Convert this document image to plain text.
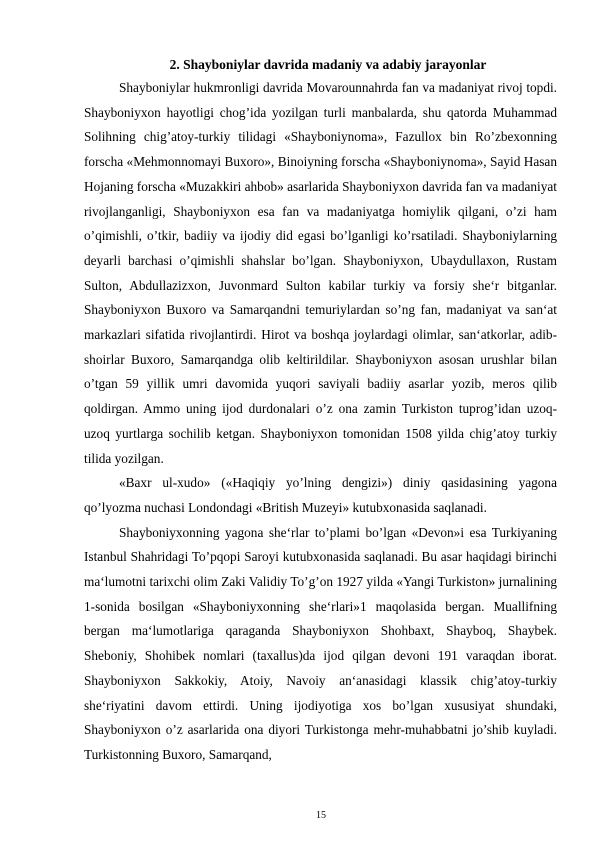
2. Shayboniylar davrida madaniy va adabiy jarayonlar

Shayboniylar hukmronligi davrida Movarounnahrda fan va madaniyat rivoj topdi. Shayboniyxon hayotligi chog’ida yozilgan turli manbalarda, shu qatorda Muhammad Solihning chig’atoy-turkiy tilidagi «Shayboniynoma», Fazullox bin Ro’zbexonning forscha «Mehmonnomayi Buxoro», Binoiyning forscha «Shayboniynoma», Sayid Hasan Hojaning forscha «Muzakkiri ahbob» asarlarida Shayboniyxon davrida fan va madaniyat rivojlanganligi, Shayboniyxon esa fan va madaniyatga homiylik qilgani, o’zi ham o’qimishli, o’tkir, badiiy va ijodiy did egasi bo’lganligi ko’rsatiladi. Shayboniylarning deyarli barchasi o’qimishli shahslar bo’lgan. Shayboniyxon, Ubaydullaxon, Rustam Sulton, Abdullazizxon, Juvonmard Sulton kabilar turkiy va forsiy she‘r bitganlar. Shayboniyxon Buxoro va Samarqandni temuriylardan so’ng fan, madaniyat va san‘at markazlari sifatida rivojlantirdi. Hirot va boshqa joylardagi olimlar, san‘atkorlar, adib-shoirlar Buxoro, Samarqandga olib keltirildilar. Shayboniyxon asosan urushlar bilan o’tgan 59 yillik umri davomida yuqori saviyali badiiy asarlar yozib, meros qilib qoldirgan. Ammo uning ijod durdonalari o’z ona zamin Turkiston tuprog’idan uzoq-uzoq yurtlarga sochilib ketgan. Shayboniyxon tomonidan 1508 yilda chig’atoy turkiy tilida yozilgan.

«Baxr ul-xudo» («Haqiqiy yo’lning dengizi») diniy qasidasining yagona qo’lyozma nuchasi Londondagi «British Muzeyi» kutubxonasida saqlanadi.

Shayboniyxonning yagona she‘rlar to’plami bo’lgan «Devon»i esa Turkiyaning Istanbul Shahridagi To’pqopi Saroyi kutubxonasida saqlanadi. Bu asar haqidagi birinchi ma‘lumotni tarixchi olim Zaki Validiy To’g’on 1927 yilda «Yangi Turkiston» jurnalining 1-sonida bosilgan «Shayboniyxonning she‘rlari»1 maqolasida bergan. Muallifning bergan ma‘lumotlariga qaraganda Shayboniyxon Shohbaxt, Shayboq, Shaybek. Sheboniy, Shohibek nomlari (taxallus)da ijod qilgan devoni 191 varaqdan iborat. Shayboniyxon Sakkokiy, Atoiy, Navoiy an‘anasidagi klassik chig’atoy-turkiy she‘riyatini davom ettirdi. Uning ijodiyotiga xos bo’lgan xususiyat shundaki, Shayboniyxon o’z asarlarida ona diyori Turkistonga mehr-muhabbatni jo’shib kuyladi. Turkistonning Buxoro, Samarqand,

15
